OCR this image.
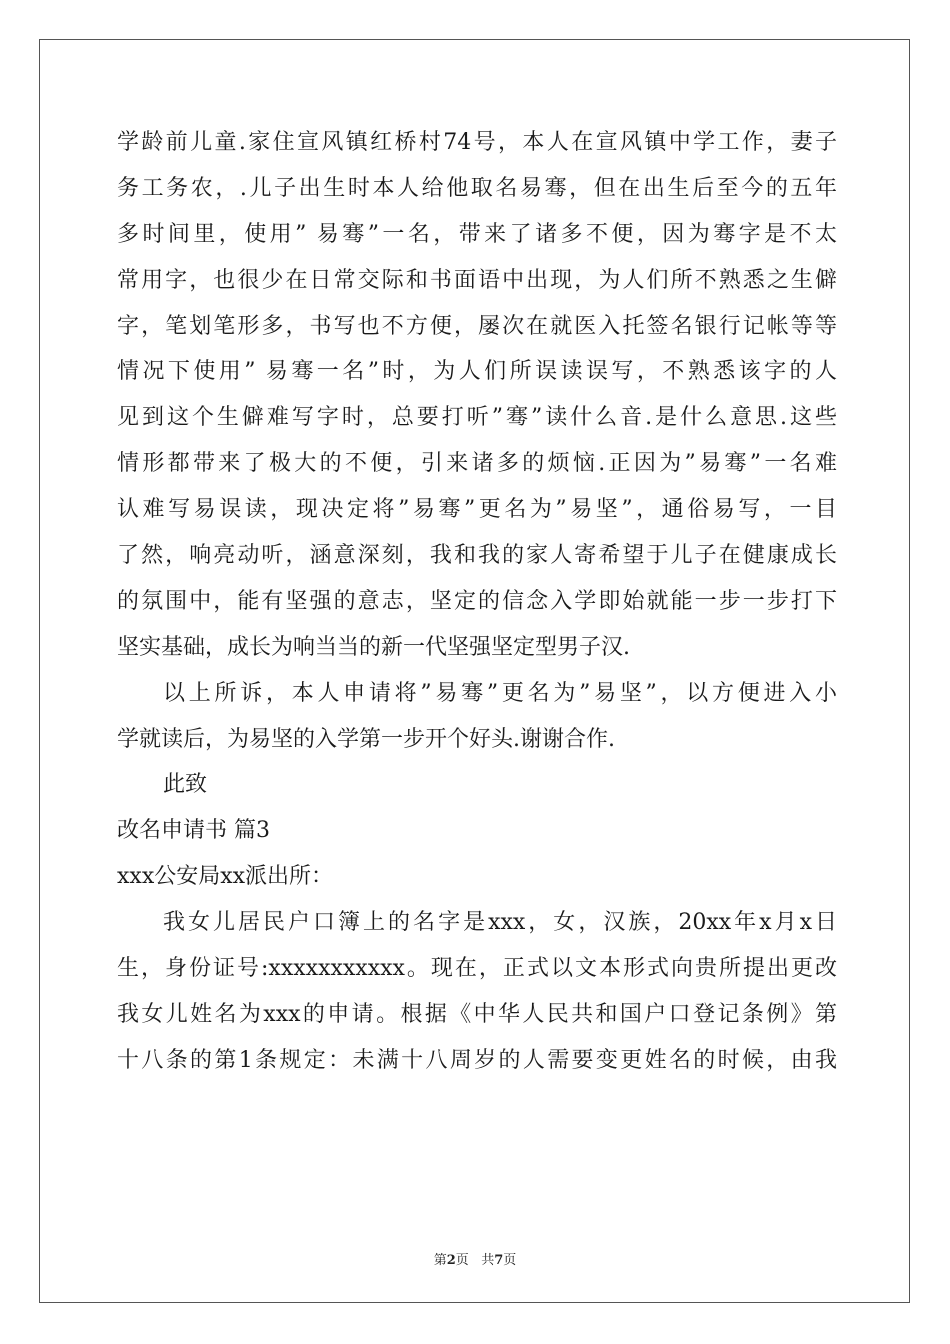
学龄前儿童.家住宣风镇红桥村74号，本人在宣风镇中学工作，妻子
务工务农，.儿子出生时本人给他取名易骞，但在出生后至今的五年
多时间里，使用” 易骞”一名，带来了诸多不便，因为骞字是不太
常用字，也很少在日常交际和书面语中出现，为人们所不熟悉之生僻
字，笔划笔形多，书写也不方便，屡次在就医入托签名银行记帐等等
情况下使用” 易骞一名”时，为人们所误读误写，不熟悉该字的人
见到这个生僻难写字时，总要打听”骞”读什么音.是什么意思.这些
情形都带来了极大的不便，引来诸多的烦恼.正因为”易骞”一名难
认难写易误读，现决定将”易骞”更名为”易坚”，通俗易写，一目
了然，响亮动听，涵意深刻，我和我的家人寄希望于儿子在健康成长
的氛围中，能有坚强的意志，坚定的信念入学即始就能一步一步打下
坚实基础，成长为响当当的新一代坚强坚定型男子汉.
以上所诉，本人申请将”易骞”更名为”易坚”，以方便进入小
学就读后，为易坚的入学第一步开个好头.谢谢合作.
此致
改名申请书 篇3
xxx公安局xx派出所：
我女儿居民户口簿上的名字是xxx，女，汉族，20xx年x月x日
生，身份证号:xxxxxxxxxxx。现在，正式以文本形式向贵所提出更改
我女儿姓名为xxx的申请。根据《中华人民共和国户口登记条例》第
十八条的第1条规定：未满十八周岁的人需要变更姓名的时候，由我
第2页 共7页
